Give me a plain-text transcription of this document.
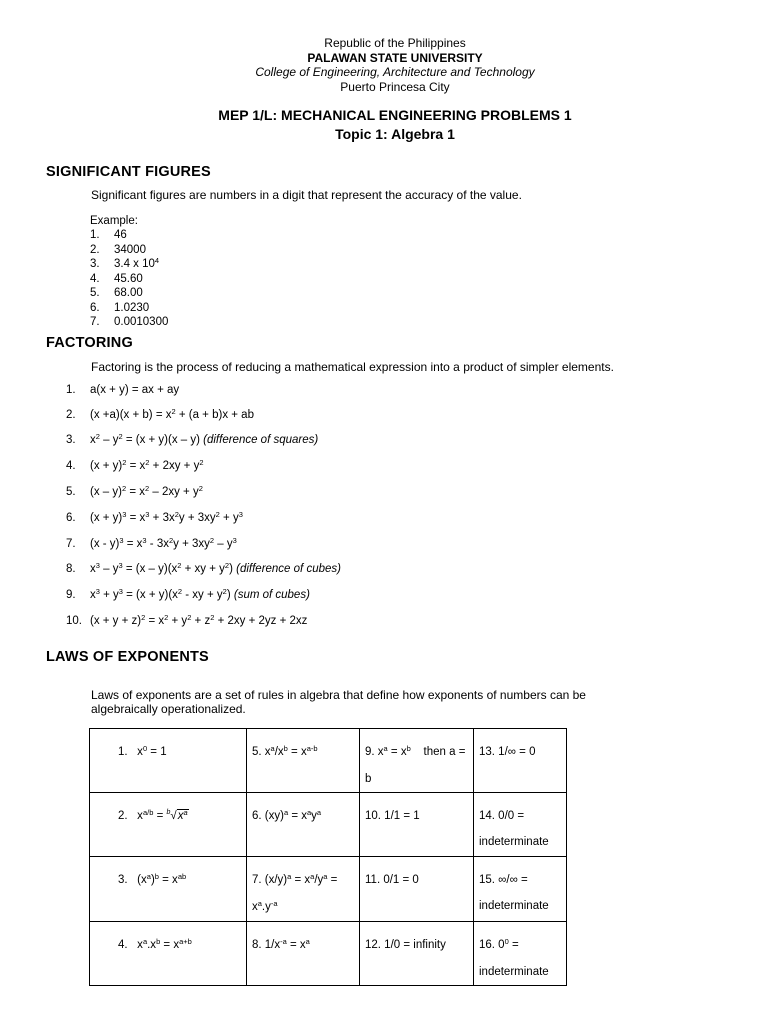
Republic of the Philippines
PALAWAN STATE UNIVERSITY
College of Engineering, Architecture and Technology
Puerto Princesa City
MEP 1/L: MECHANICAL ENGINEERING PROBLEMS 1
Topic 1: Algebra 1
SIGNIFICANT FIGURES
Significant figures are numbers in a digit that represent the accuracy of the value.
Example:
1.	46
2.	34000
3.	3.4 x $10^4$
4.	45.60
5.	68.00
6.	1.0230
7.	0.0010300
FACTORING
Factoring is the process of reducing a mathematical expression into a product of simpler elements.
1. a(x + y) = ax + ay
2. $(x +a)(x + b) = x^2 + (a + b)x$ + ab
3. $x^2 - y^2 = (x + y)(x - y)$ (difference of squares)
4. $(x + y)^2 = x^2 + 2xy + y^2$
5. $(x - y)^2 = x^2 - 2xy + y^2$
6. $(x + y)^3 = x^3 + 3x^2y + 3xy^2 + y^3$
7. $(x - y)^3 = x^3 - 3x^2y + 3xy^2 - y^3$
8. $x^3 - y^3 = (x - y)(x^2$ + xy + $y^2$) (difference of cubes)
9. $x^3 + y^3 = (x + y)(x^2$ - xy + $y^2$) (sum of cubes)
10. $(x + y + z)^2 = x^2 + y^2 + z^2 + 2xy + 2yz + 2xz$
LAWS OF EXPONENTS
Laws of exponents are a set of rules in algebra that define how exponents of numbers can be
algebraically operationalized.
1.   $x^0 = 1$	5. $x^a/x^b = x^{a-b}$	9. $x^a = x^b$    then a = b	13. 1/∞ = 0
2.   $x^{a/b} = ^b√x^a$	6. $(xy)^a = x^ay^a$	10. 1/1 = 1	14. 0/0 = indeterminate
3.   $(x^a)^b = x^{ab}$	7. $(x/y)^a = x^a/y^a = x^a.y^{-a}$	11. 0/1 = 0	15. ∞/∞ = indeterminate
4.   $x^a.x^b = x^{a+b}$	8. $1/x^{-a} = x^a$	12. 1/0 = infinity	16. $0^0$ = indeterminate
